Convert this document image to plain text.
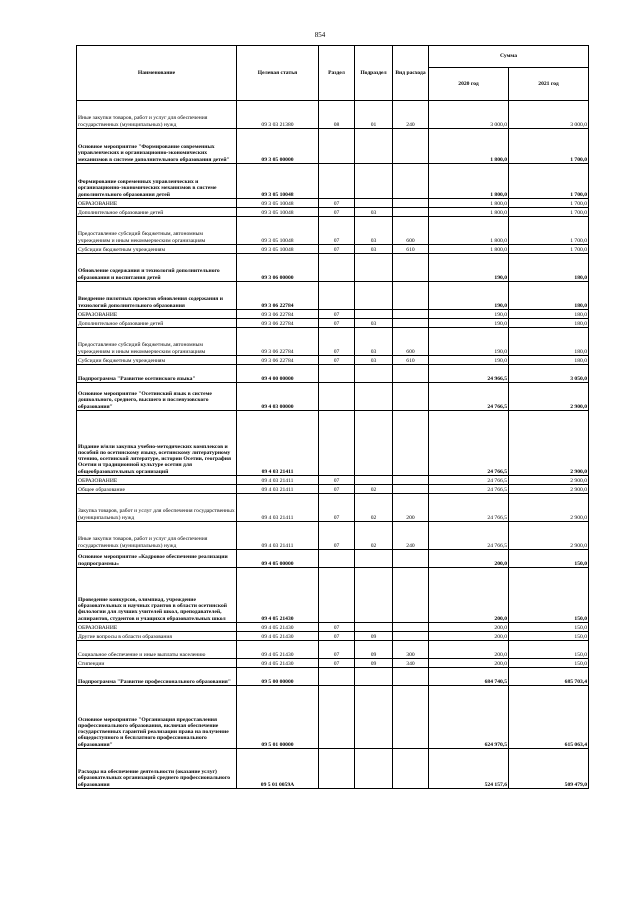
854
Наименование	Целевая статья	Раздел	Подраздел	Вид расхода	Сумма	
					2020 год	2021 год
Иные закупки товаров, работ и услуг для обеспечения государственных (муниципальных) нужд	09 3 03 21380	08	01	240	3 000,0	3 000,0
Основное мероприятие "Формирование современных управленческих и организационно-экономических механизмов в системе дополнительного образования детей"	09 3 05 00000				1 800,0	1 700,0
Формирование современных управленческих и организационно-экономических механизмов в системе дополнительного образования детей	09 3 05 10048				1 800,0	1 700,0
ОБРАЗОВАНИЕ	09 3 05 10048	07			1 800,0	1 700,0
Дополнительное образование детей	09 3 05 10048	07	03		1 800,0	1 700,0
Предоставление субсидий бюджетным, автономным учреждениям и иным некоммерческим организациям	09 3 05 10048	07	03	600	1 800,0	1 700,0
Субсидии бюджетным учреждениям	09 3 05 10048	07	03	610	1 800,0	1 700,0
Обновление содержания и технологий дополнительного образования и воспитания детей	09 3 06 00000				190,0	180,0
Внедрение пилотных проектов обновления содержания и технологий дополнительного образования	09 3 06 22784				190,0	180,0
ОБРАЗОВАНИЕ	09 3 06 22784	07			190,0	180,0
Дополнительное образование детей	09 3 06 22784	07	03		190,0	180,0
Предоставление субсидий бюджетным, автономным учреждениям и иным некоммерческим организациям	09 3 06 22784	07	03	600	190,0	180,0
Субсидии бюджетным учреждениям	09 3 06 22784	07	03	610	190,0	180,0
Подпрограмма "Развитие осетинского языка"	09 4 00 00000				24 966,5	3 050,0
Основное мероприятие "Осетинский язык в системе дошкольного, среднего, высшего и послевузовского образования"	09 4 03 00000				24 766,5	2 900,0
Издание и/или закупка учебно-методических комплексов и пособий по осетинскому языку, осетинскому литературному чтению, осетинской литературе, истории Осетии, география Осетии и традиционной культуре осетин для общеобразовательных организаций	09 4 03 21411				24 766,5	2 900,0
ОБРАЗОВАНИЕ	09 4 03 21411	07			24 766,5	2 900,0
Общее образование	09 4 03 21411	07	02		24 766,5	2 900,0
Закупка товаров, работ и услуг для обеспечения государственных (муниципальных) нужд	09 4 03 21411	07	02	200	24 766,5	2 900,0
Иные закупки товаров, работ и услуг для обеспечения государственных (муниципальных) нужд	09 4 03 21411	07	02	240	24 766,5	2 900,0
Основное мероприятие «Кадровое обеспечение реализации подпрограммы»	09 4 05 00000				200,0	150,0
Проведение конкурсов, олимпиад, учреждение образовательных и научных грантов в области осетинской филологии для лучших учителей школ, преподавателей, аспирантов, студентов и учащихся образовательных школ	09 4 05 21430				200,0	150,0
ОБРАЗОВАНИЕ	09 4 05 21430	07			200,0	150,0
Другие вопросы в области образования	09 4 05 21430	07	09		200,0	150,0
Социальное обеспечение и иные выплаты населению	09 4 05 21430	07	09	300	200,0	150,0
Стипендии	09 4 05 21430	07	09	340	200,0	150,0
Подпрограмма "Развитие профессионального образования"	09 5 00 00000				684 740,5	685 703,4
Основное мероприятие "Организация предоставления профессионального образования, включая обеспечение государственных гарантий реализации права на получение общедоступного и бесплатного профессионального образования"	09 5 01 00000				624 970,5	615 063,4
Расходы на обеспечение деятельности (оказание услуг) образовательных организаций среднего профессионального образования	09 5 01 0059А				524 157,6	509 479,0
